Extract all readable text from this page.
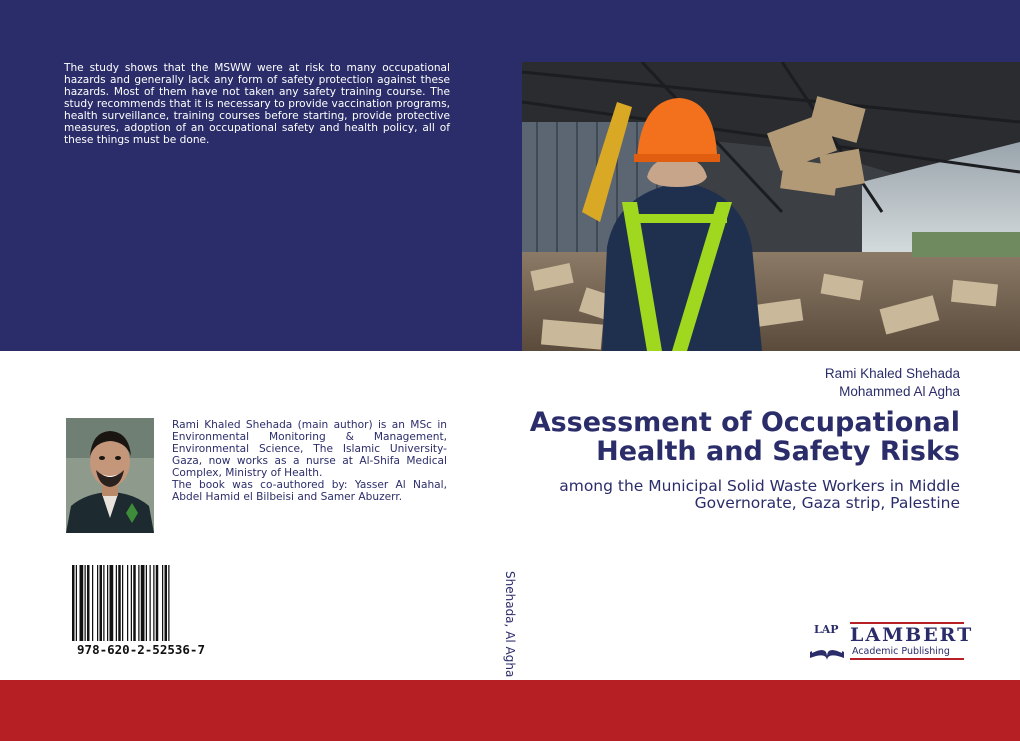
The study shows that the MSWW were at risk to many occupational hazards and generally lack any form of safety protection against these hazards. Most of them have not taken any safety training course. The study recommends that it is necessary to provide vaccination programs, health surveillance, training courses before starting, provide protective measures, adoption of an occupational safety and health policy, all of these things must be done.

Rami Khaled Shehada
Mohammed Al Agha
Assessment of Occupational
Health and Safety Risks
among the Municipal Solid Waste Workers in Middle
Governorate, Gaza strip, Palestine

Rami Khaled Shehada (main author) is an MSc in Environmental Monitoring & Management, Environmental Science, The Islamic University-Gaza, now works as a nurse at Al-Shifa Medical Complex, Ministry of Health.

The book was co-authored by: Yasser Al Nahal, Abdel Hamid el Bilbeisi and Samer Abuzerr.

978-620-2-52536-7	Shehada, Al Agha	LAP LAMBERT
Academic Publishing
